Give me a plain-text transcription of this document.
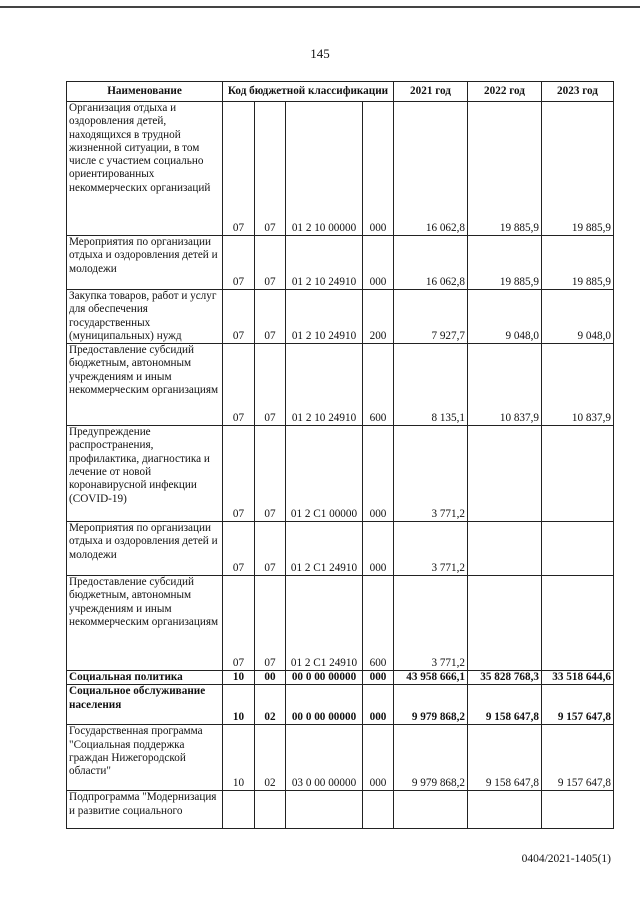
145
Наименование	Код бюджетной классификации				2021 год	2022 год	2023 год
Организация отдыха и оздоровления детей, находящихся в трудной жизненной ситуации, в том числе с участием социально ориентированных некоммерческих организаций	07	07	01 2 10 00000	000	16 062,8	19 885,9	19 885,9
Мероприятия по организации отдыха и оздоровления детей и молодежи	07	07	01 2 10 24910	000	16 062,8	19 885,9	19 885,9
Закупка товаров, работ и услуг для обеспечения государственных (муниципальных) нужд	07	07	01 2 10 24910	200	7 927,7	9 048,0	9 048,0
Предоставление субсидий бюджетным, автономным учреждениям и иным некоммерческим организациям	07	07	01 2 10 24910	600	8 135,1	10 837,9	10 837,9
Предупреждение распространения, профилактика, диагностика и лечение от новой коронавирусной инфекции (COVID-19)	07	07	01 2 C1 00000	000	3 771,2		
Мероприятия по организации отдыха и оздоровления детей и молодежи	07	07	01 2 C1 24910	000	3 771,2		
Предоставление субсидий бюджетным, автономным учреждениям и иным некоммерческим организациям	07	07	01 2 C1 24910	600	3 771,2		
Социальная политика	10	00	00 0 00 00000	000	43 958 666,1	35 828 768,3	33 518 644,6
Социальное обслуживание населения	10	02	00 0 00 00000	000	9 979 868,2	9 158 647,8	9 157 647,8
Государственная программа "Социальная поддержка граждан Нижегородской области"	10	02	03 0 00 00000	000	9 979 868,2	9 158 647,8	9 157 647,8
Подпрограмма "Модернизация и развитие социального							
0404/2021-1405(1)
